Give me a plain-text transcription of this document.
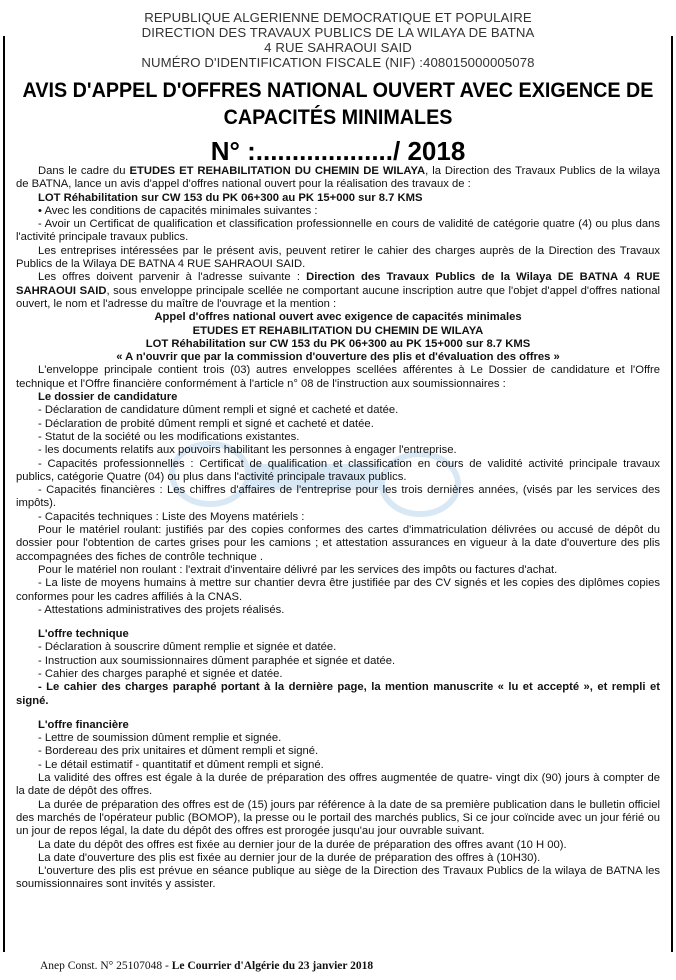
REPUBLIQUE ALGERIENNE DEMOCRATIQUE ET POPULAIRE
DIRECTION DES TRAVAUX PUBLICS DE LA WILAYA DE BATNA
4 RUE SAHRAOUI SAID
NUMÉRO D'IDENTIFICATION FISCALE (NIF) :408015000005078
AVIS D'APPEL D'OFFRES NATIONAL OUVERT AVEC EXIGENCE DE CAPACITÉS MINIMALES
N° :.................../ 2018

Dans le cadre du ETUDES ET REHABILITATION DU CHEMIN DE WILAYA, la Direction des Travaux Publics de la wilaya de BATNA, lance un avis d'appel d'offres national ouvert pour la réalisation des travaux de :

LOT Réhabilitation sur CW 153 du PK 06+300 au PK 15+000 sur 8.7 KMS

• Avec les conditions de capacités minimales suivantes :

- Avoir un Certificat de qualification et classification professionnelle en cours de validité de catégorie quatre (4) ou plus dans l'activité principale travaux publics.

Les entreprises intéressées par le présent avis, peuvent retirer le cahier des charges auprès de la Direction des Travaux Publics de la Wilaya DE BATNA 4 RUE SAHRAOUI SAID.

Les offres doivent parvenir à l'adresse suivante : Direction des Travaux Publics de la Wilaya DE BATNA 4 RUE SAHRAOUI SAID, sous enveloppe principale scellée ne comportant aucune inscription autre que l'objet d'appel d'offres national ouvert, le nom et l'adresse du maître de l'ouvrage et la mention :

Appel d'offres national ouvert avec exigence de capacités minimales

ETUDES ET REHABILITATION DU CHEMIN DE WILAYA

LOT Réhabilitation sur CW 153 du PK 06+300 au PK 15+000 sur 8.7 KMS

« A n'ouvrir que par la commission d'ouverture des plis et d'évaluation des offres »

L'enveloppe principale contient trois (03) autres enveloppes scellées afférentes à Le Dossier de candidature et l'Offre technique et l'Offre financière conformément à l'article n° 08 de l'instruction aux soumissionnaires :

Le dossier de candidature

- Déclaration de candidature dûment rempli et signé et cacheté et datée.

- Déclaration de probité dûment rempli et signé et cacheté et datée.

- Statut de la société ou les modifications existantes.

- les documents relatifs aux pouvoirs habilitant les personnes à engager l'entreprise.

- Capacités professionnelles : Certificat de qualification et classification en cours de validité activité principale travaux publics, catégorie Quatre (04) ou plus dans l'activité principale travaux publics.

- Capacités financières : Les chiffres d'affaires de l'entreprise pour les trois dernières années, (visés par les services des impôts).

- Capacités techniques : Liste des Moyens matériels :

Pour le matériel roulant: justifiés par des copies conformes des cartes d'immatriculation délivrées ou accusé de dépôt du dossier pour l'obtention de cartes grises pour les camions ; et attestation assurances en vigueur à la date d'ouverture des plis accompagnées des fiches de contrôle technique .

Pour le matériel non roulant : l'extrait d'inventaire délivré par les services des impôts ou factures d'achat.

- La liste de moyens humains à mettre sur chantier devra être justifiée par des CV signés et les copies des diplômes copies conformes pour les cadres affiliés à la CNAS.

- Attestations administratives des projets réalisés.

L'offre technique

- Déclaration à souscrire dûment remplie et signée et datée.

- Instruction aux soumissionnaires dûment paraphée et signée et datée.

- Cahier des charges paraphé et signée et datée.

- Le cahier des charges paraphé portant à la dernière page, la mention manuscrite « lu et accepté », et rempli et signé.

L'offre financière

- Lettre de soumission dûment remplie et signée.

- Bordereau des prix unitaires et dûment rempli et signé.

- Le détail estimatif - quantitatif et dûment rempli et signé.

La validité des offres est égale à la durée de préparation des offres augmentée de quatre- vingt dix (90) jours à compter de la date de dépôt des offres.

La durée de préparation des offres est de (15) jours par référence à la date de sa première publication dans le bulletin officiel des marchés de l'opérateur public (BOMOP), la presse ou le portail des marchés publics, Si ce jour coïncide avec un jour férié ou un jour de repos légal, la date du dépôt des offres est prorogée jusqu'au jour ouvrable suivant.

La date du dépôt des offres est fixée au dernier jour de la durée de préparation des offres avant (10 H 00).

La date d'ouverture des plis est fixée au dernier jour de la durée de préparation des offres à (10H30).

L'ouverture des plis est prévue en séance publique au siège de la Direction des Travaux Publics de la wilaya de BATNA les soumissionnaires sont invités y assister.

Anep Const. N° 25107048 - Le Courrier d'Algérie du 23 janvier 2018
